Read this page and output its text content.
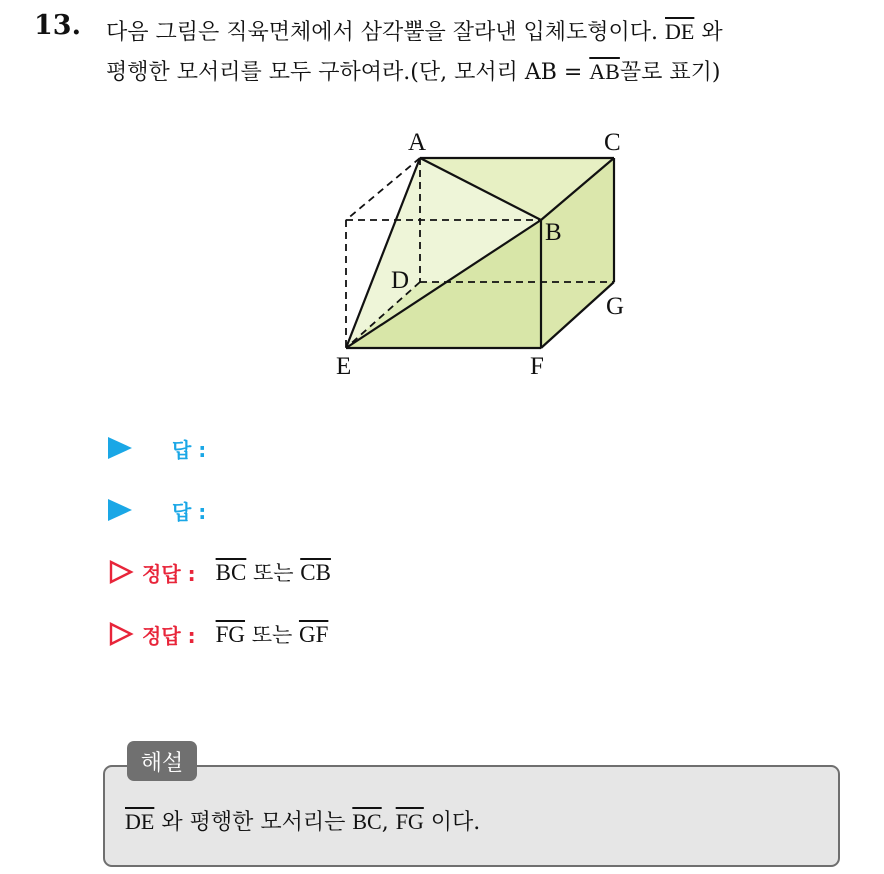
13. 다음 그림은 직육면체에서 삼각뿔을 잘라낸 입체도형이다. $\overline{DE}$ 와
평행한 모서리를 모두 구하여라.(단, 모서리 AB = $\overline{AB}$꼴로 표기)
A	C
B
D
G
E	F
답 :
답 :
정답 : $\overline{BC}$ 또는 $\overline{CB}$
정답 : $\overline{FG}$ 또는 $\overline{GF}$
$\overline{DE}$ 와 평행한 모서리는 $\overline{BC}$, $\overline{FG}$ 이다.
해설
